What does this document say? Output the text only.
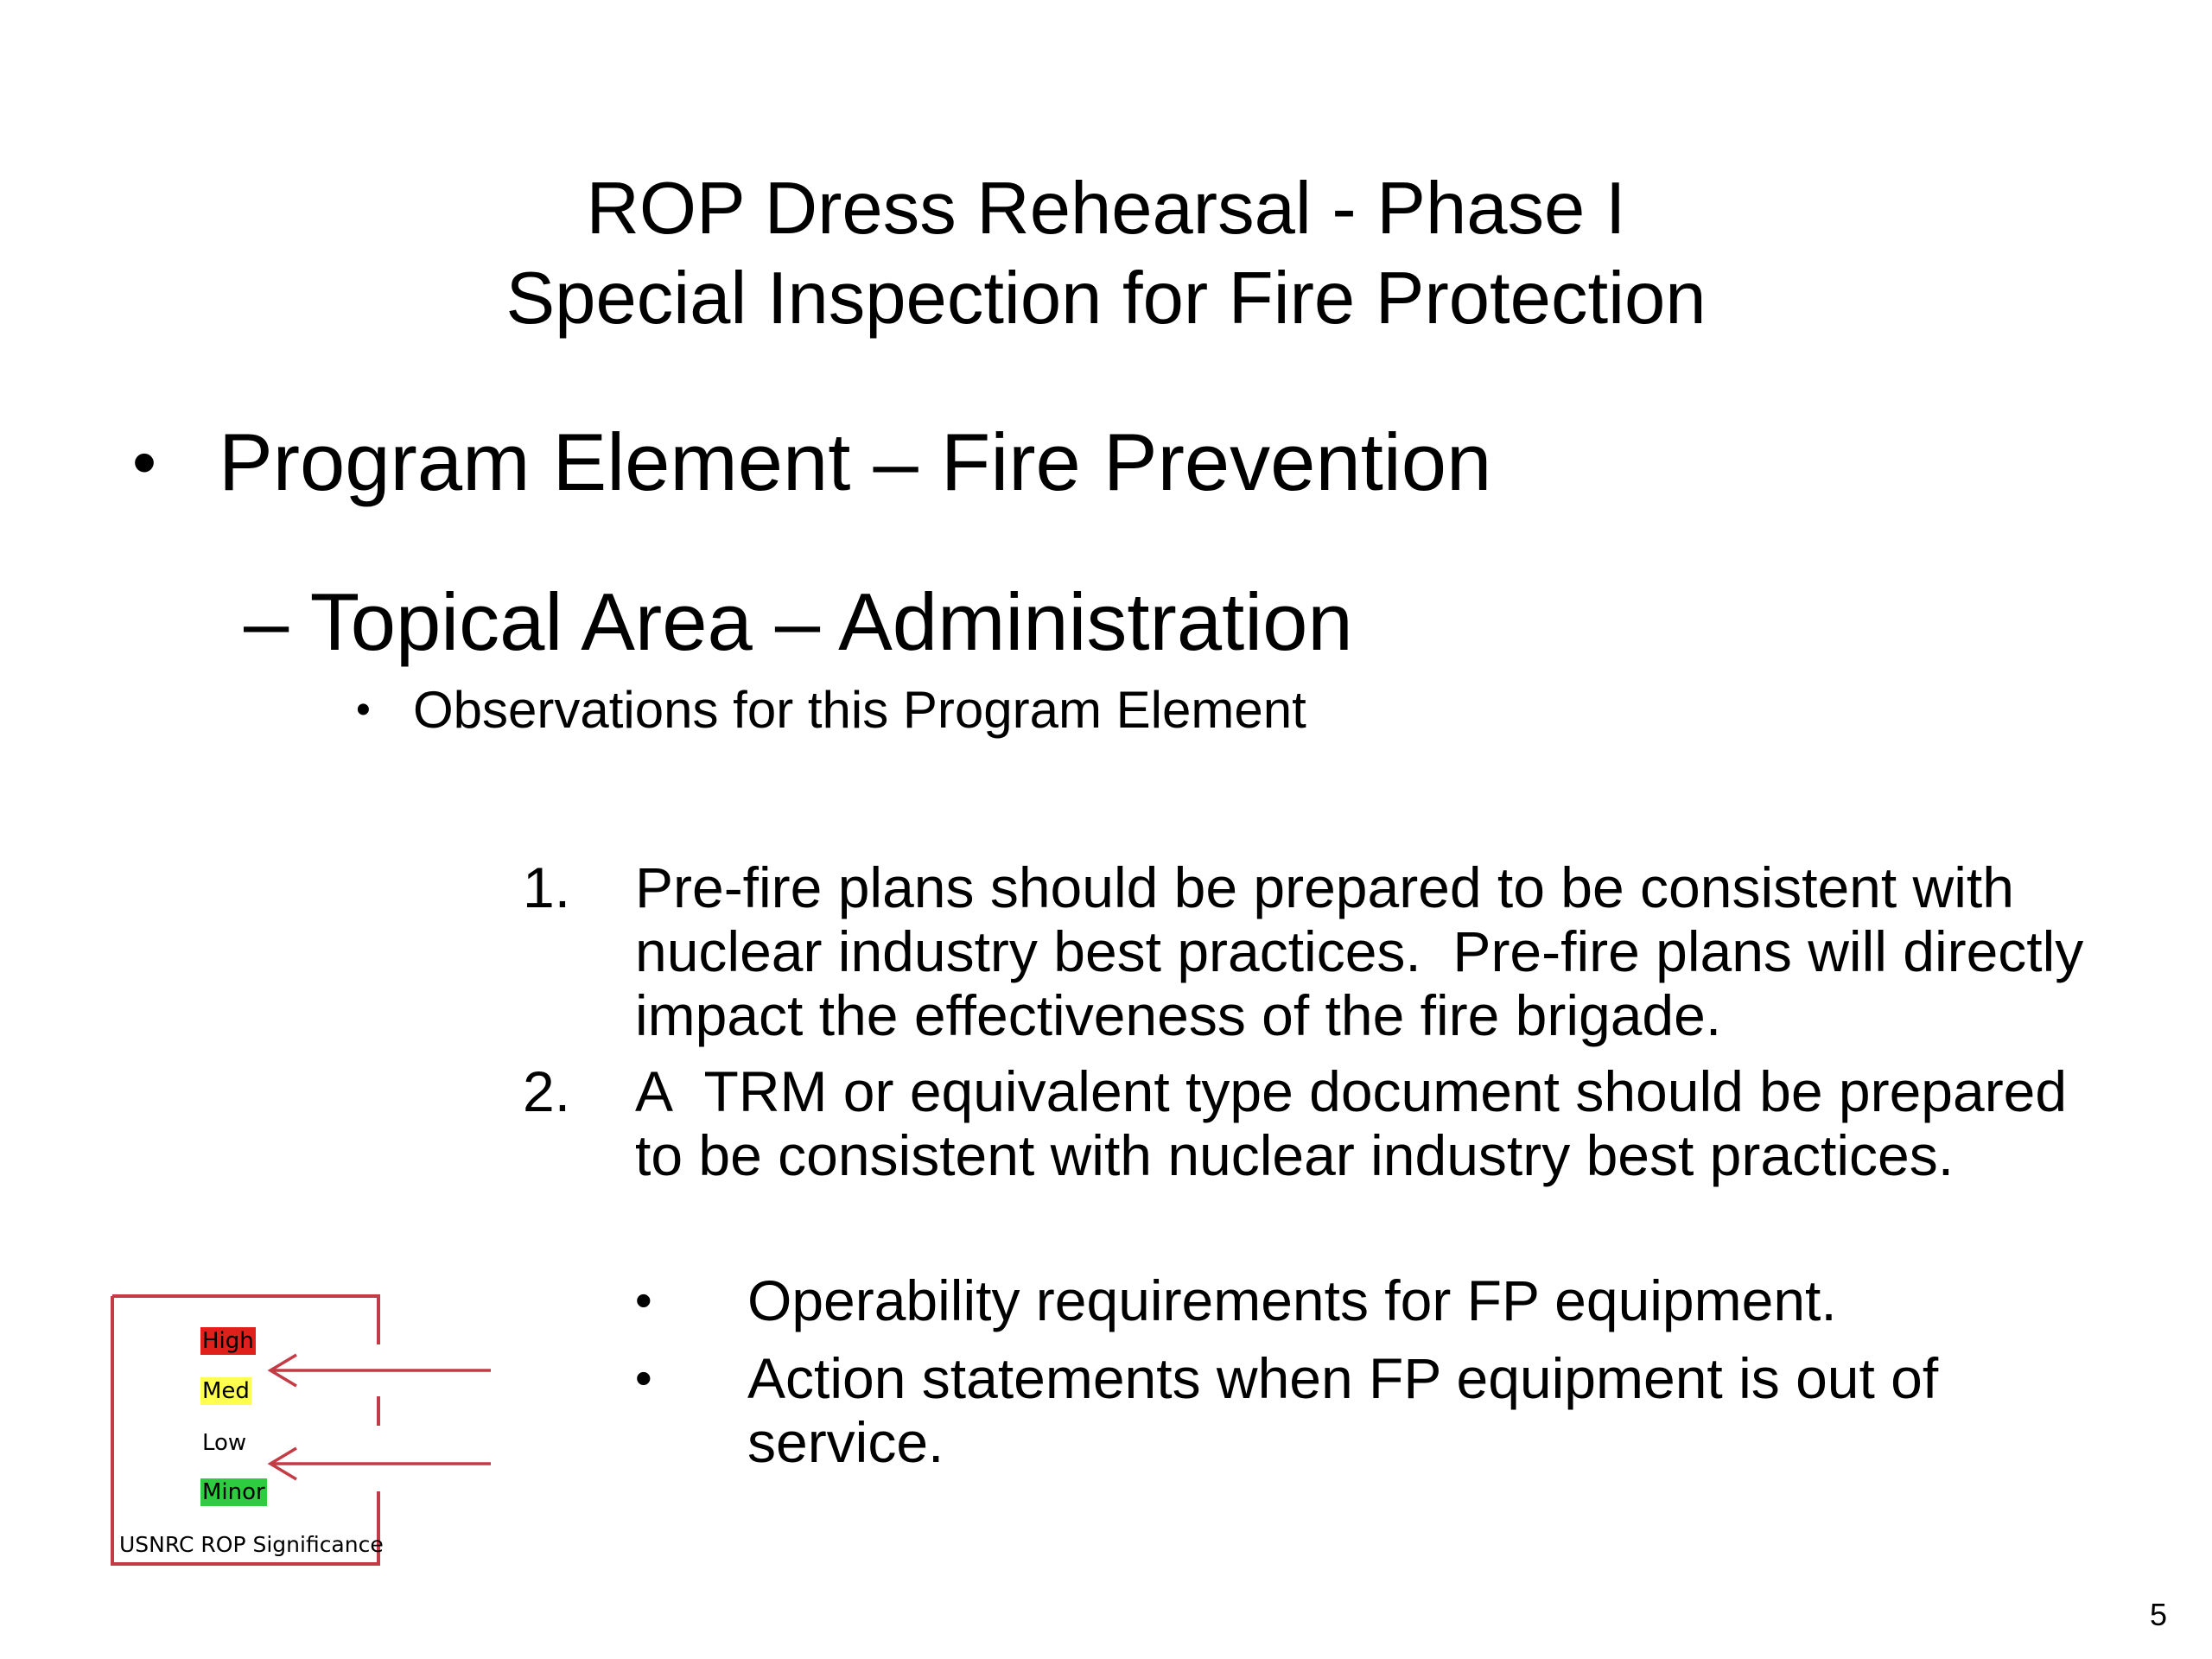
ROP Dress Rehearsal - Phase I
Special Inspection for Fire Protection
• Program Element – Fire Prevention
– Topical Area – Administration
• Observations for this Program Element
1. Pre-fire plans should be prepared to be consistent with nuclear industry best practices.  Pre-fire plans will directly impact the effectiveness of the fire brigade.
2. A  TRM or equivalent type document should be prepared to be consistent with nuclear industry best practices.
• Operability requirements for FP equipment.
• Action statements when FP equipment is out of service.
High
Med
Low
Minor
USNRC ROP Significance
5
